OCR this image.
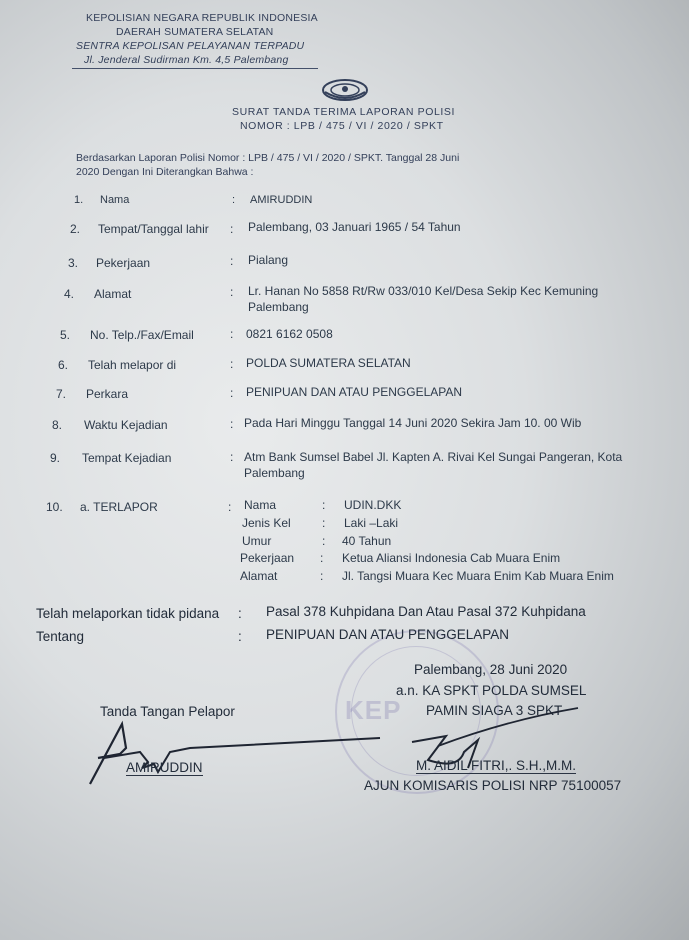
KEPOLISIAN NEGARA REPUBLIK INDONESIA
DAERAH SUMATERA SELATAN
SENTRA KEPOLISAN PELAYANAN TERPADU
Jl. Jenderal Sudirman Km. 4,5 Palembang
SURAT TANDA TERIMA LAPORAN POLISI
NOMOR : LPB / 475 / VI / 2020 / SPKT
Berdasarkan Laporan Polisi Nomor : LPB / 475 / VI / 2020 / SPKT. Tanggal 28 Juni
2020 Dengan Ini Diterangkan Bahwa :
1. Nama	: AMIRUDDIN
2. Tempat/Tanggal lahir : Palembang, 03 Januari 1965 / 54 Tahun
3. Pekerjaan	: Pialang
4. Alamat	: Lr. Hanan No 5858 Rt/Rw 033/010 Kel/Desa Sekip Kec Kemuning Palembang
5. No. Telp./Fax/Email	: 0821 6162 0508
6. Telah melapor di	: POLDA SUMATERA SELATAN
7. Perkara	: PENIPUAN DAN ATAU PENGGELAPAN
8. Waktu Kejadian	: Pada Hari Minggu Tanggal 14 Juni 2020 Sekira Jam 10. 00 Wib
9. Tempat Kejadian	: Atm Bank Sumsel Babel Jl. Kapten A. Rivai Kel Sungai Pangeran, Kota Palembang
10. a. TERLAPOR	: Nama	: UDIN.DKK
Jenis Kel	: Laki –Laki
Umur	: 40 Tahun
Pekerjaan : Ketua Aliansi Indonesia Cab Muara Enim
Alamat	: Jl. Tangsi Muara Kec Muara Enim Kab Muara Enim
KEP
Telah melaporkan tidak pidana : Pasal 378 Kuhpidana Dan Atau Pasal 372 Kuhpidana
Tentang	: PENIPUAN DAN ATAU PENGGELAPAN
Palembang, 28 Juni 2020
a.n. KA SPKT POLDA SUMSEL
PAMIN SIAGA 3 SPKT
Tanda Tangan Pelapor
AMIRUDDIN	M. AIDIL FITRI,. S.H.,M.M.
AJUN KOMISARIS POLISI NRP 75100057
